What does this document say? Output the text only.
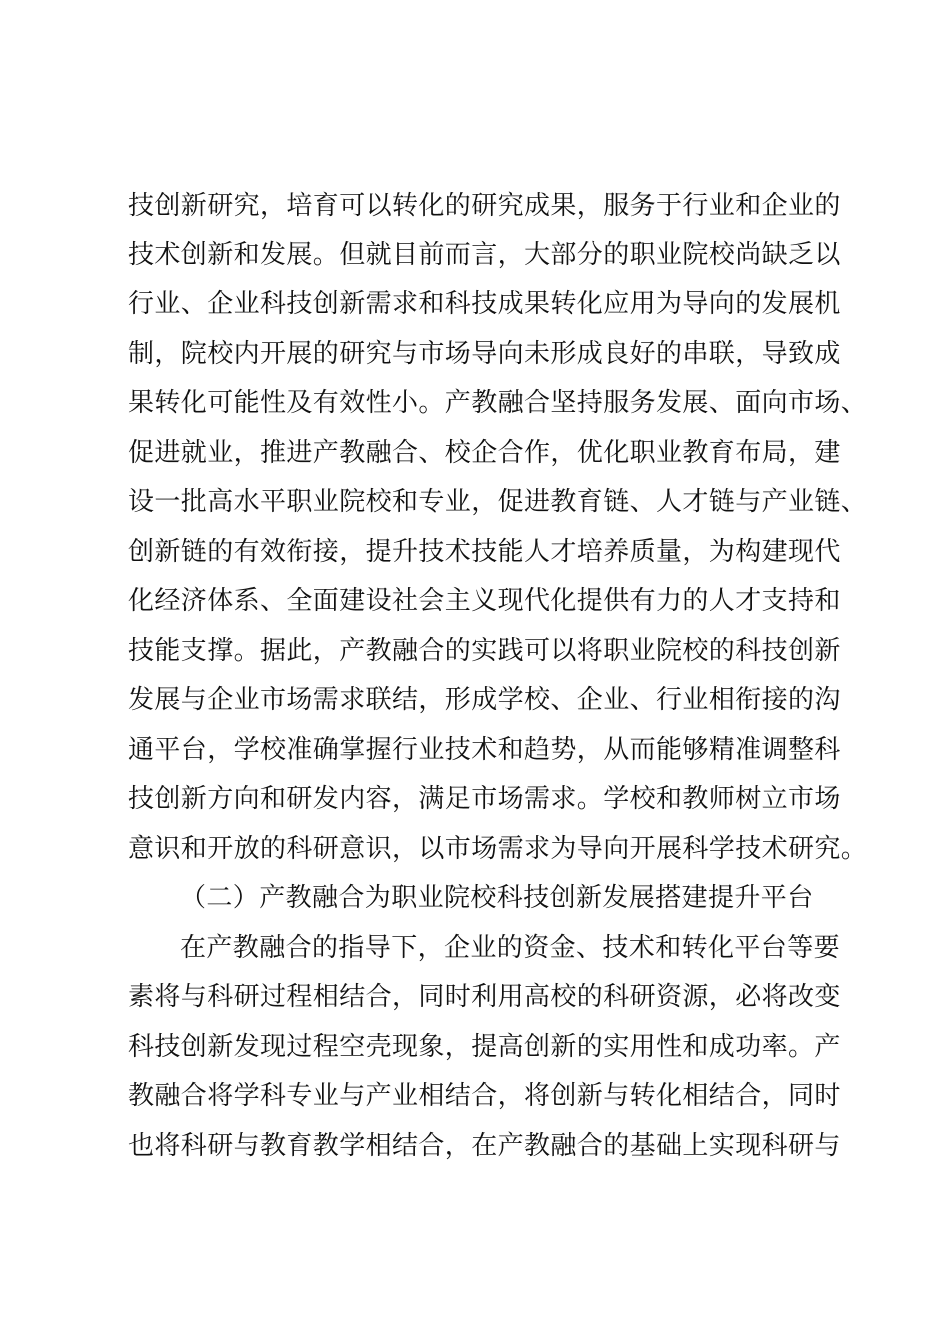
技创新研究，培育可以转化的研究成果，服务于行业和企业的
技术创新和发展。但就目前而言，大部分的职业院校尚缺乏以
行业、企业科技创新需求和科技成果转化应用为导向的发展机
制，院校内开展的研究与市场导向未形成良好的串联，导致成
果转化可能性及有效性小。产教融合坚持服务发展、面向市场、
促进就业，推进产教融合、校企合作，优化职业教育布局，建
设一批高水平职业院校和专业，促进教育链、人才链与产业链、
创新链的有效衔接，提升技术技能人才培养质量，为构建现代
化经济体系、全面建设社会主义现代化提供有力的人才支持和
技能支撑。据此，产教融合的实践可以将职业院校的科技创新
发展与企业市场需求联结，形成学校、企业、行业相衔接的沟
通平台，学校准确掌握行业技术和趋势，从而能够精准调整科
技创新方向和研发内容，满足市场需求。学校和教师树立市场
意识和开放的科研意识，以市场需求为导向开展科学技术研究。
（二）产教融合为职业院校科技创新发展搭建提升平台
在产教融合的指导下，企业的资金、技术和转化平台等要
素将与科研过程相结合，同时利用高校的科研资源，必将改变
科技创新发现过程空壳现象，提高创新的实用性和成功率。产
教融合将学科专业与产业相结合，将创新与转化相结合，同时
也将科研与教育教学相结合，在产教融合的基础上实现科研与
